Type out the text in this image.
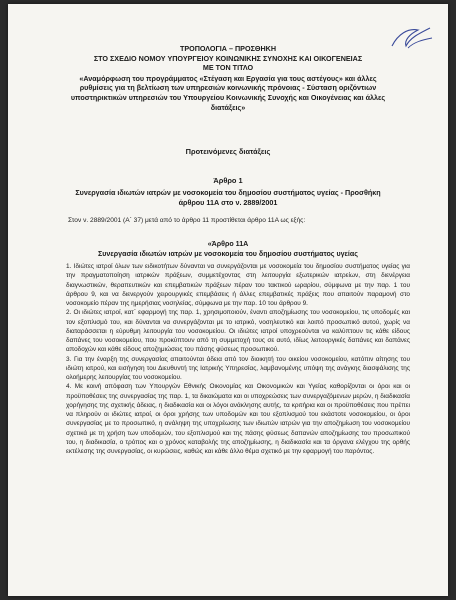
ΤΡΟΠΟΛΟΓΙΑ – ΠΡΟΣΘΗΚΗ
ΣΤΟ ΣΧΕΔΙΟ ΝΟΜΟΥ ΥΠΟΥΡΓΕΙΟΥ ΚΟΙΝΩΝΙΚΗΣ ΣΥΝΟΧΗΣ ΚΑΙ ΟΙΚΟΓΕΝΕΙΑΣ
ΜΕ ΤΟΝ ΤΙΤΛΟ
«Αναμόρφωση του προγράμματος «Στέγαση και Εργασία για τους αστέγους» και άλλες ρυθμίσεις για τη βελτίωση των υπηρεσιών κοινωνικής πρόνοιας - Σύσταση οριζόντιων υποστηρικτικών υπηρεσιών του Υπουργείου Κοινωνικής Συνοχής και Οικογένειας και άλλες διατάξεις»
Προτεινόμενες διατάξεις
Άρθρο 1
Συνεργασία ιδιωτών ιατρών με νοσοκομεία του δημοσίου συστήματος υγείας - Προσθήκη
άρθρου 11Α στο ν. 2889/2001
Στον ν. 2889/2001 (Α΄ 37) μετά από το άρθρο 11 προστίθεται άρθρο 11Α ως εξής:
«Άρθρο 11Α
Συνεργασία ιδιωτών ιατρών με νοσοκομεία του δημοσίου συστήματος υγείας

1. Ιδιώτες ιατροί όλων των ειδικοτήτων δύνανται να συνεργάζονται με νοσοκομεία του δημοσίου συστήματος υγείας για την πραγματοποίηση ιατρικών πράξεων, συμμετέχοντας στη λειτουργία εξωτερικών ιατρείων, στη διενέργεια διαγνωστικών, θεραπευτικών και επεμβατικών πράξεων πέραν του τακτικού ωραρίου, σύμφωνα με την παρ. 1 του άρθρου 9, και να διενεργούν χειρουργικές επεμβάσεις ή άλλες επεμβατικές πράξεις που απαιτούν παραμονή στο νοσοκομείο πέραν της ημερήσιας νοσηλείας, σύμφωνα με την παρ. 10 του άρθρου 9.

2. Οι ιδιώτες ιατροί, κατ΄ εφαρμογή της παρ. 1, χρησιμοποιούν, έναντι αποζημίωσης του νοσοκομείου, τις υποδομές και τον εξοπλισμό του, και δύνανται να συνεργάζονται με το ιατρικό, νοσηλευτικό και λοιπό προσωπικό αυτού, χωρίς να διαταράσσεται η εύρυθμη λειτουργία του νοσοκομείου. Οι ιδιώτες ιατροί υποχρεούνται να καλύπτουν τις κάθε είδους δαπάνες του νοσοκομείου, που προκύπτουν από τη συμμετοχή τους σε αυτό, ιδίως λειτουργικές δαπάνες και δαπάνες αποδοχών και κάθε είδους αποζημιώσεις του πάσης φύσεως προσωπικού.

3. Για την έναρξη της συνεργασίας απαιτούνται άδεια από τον διοικητή του οικείου νοσοκομείου, κατόπιν αίτησης του ιδιώτη ιατρού, και εισήγηση του Διευθυντή της Ιατρικής Υπηρεσίας, λαμβανομένης υπόψη της ανάγκης διασφάλισης της ολοήμερης λειτουργίας του νοσοκομείου.

4. Με κοινή απόφαση των Υπουργών Εθνικής Οικονομίας και Οικονομικών και Υγείας καθορίζονται οι όροι και οι προϋποθέσεις της συνεργασίας της παρ. 1, τα δικαιώματα και οι υποχρεώσεις των συνεργαζόμενων μερών, η διαδικασία χορήγησης της σχετικής άδειας, η διαδικασία και οι λόγοι ανάκλησης αυτής, τα κριτήρια και οι προϋποθέσεις που πρέπει να πληρούν οι ιδιώτες ιατροί, οι όροι χρήσης των υποδομών και του εξοπλισμού του εκάστοτε νοσοκομείου, οι όροι συνεργασίας με το προσωπικό, η ανάληψη της υποχρέωσης των ιδιωτών ιατρών για την αποζημίωση του νοσοκομείου σχετικά με τη χρήση των υποδομών, του εξοπλισμού και της πάσης φύσεως δαπανών αποζημίωσης του προσωπικού του, η διαδικασία, ο τρόπος και ο χρόνος καταβολής της αποζημίωσης, η διαδικασία και τα όργανα ελέγχου της ορθής εκτέλεσης της συνεργασίας, οι κυρώσεις, καθώς και κάθε άλλο θέμα σχετικό με την εφαρμογή του παρόντος.
